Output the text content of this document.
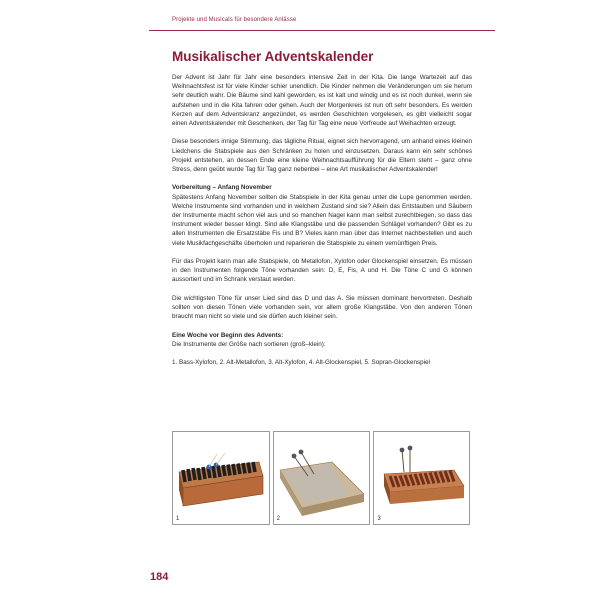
Projekte und Musicals für besondere Anlässe
Musikalischer Adventskalender

Der Advent ist Jahr für Jahr eine besonders intensive Zeit in der Kita. Die lange Wartezeit auf das Weihnachtsfest ist für viele Kinder schier unendlich. Die Kinder nehmen die Veränderungen um sie herum sehr deutlich wahr. Die Bäume sind kahl geworden, es ist kalt und windig und es ist noch dunkel, wenn sie aufstehen und in die Kita fahren oder gehen. Auch der Morgenkreis ist nun oft sehr besonders. Es werden Kerzen auf dem Adventskranz angezündet, es werden Geschichten vorgelesen, es gibt vielleicht sogar einen Adventskalender mit Geschenken, der Tag für Tag eine neue Vorfreude auf Weihachten erzeugt.

Diese besonders innige Stimmung, das tägliche Ritual, eignet sich hervorragend, um anhand eines kleinen Liedchens die Stabspiele aus den Schränken zu holen und einzusetzen. Daraus kann ein sehr schönes Projekt entstehen, an dessen Ende eine kleine Weihnachtsaufführung für die Eltern steht – ganz ohne Stress, denn geübt wurde Tag für Tag ganz nebenbei – eine Art musikalischer Adventskalender!

Vorbereitung – Anfang November

Spätestens Anfang November sollten die Stabspiele in der Kita genau unter die Lupe genommen werden. Welche Instrumente sind vorhanden und in welchem Zustand sind sie? Allein das Entstauben und Säubern der Instrumente macht schon viel aus und so manchen Nagel kann man selbst zurechtbiegen, so dass das Instrument wieder besser klingt. Sind alle Klangstäbe und die passenden Schlägel vorhanden? Gibt es zu allen Instrumenten die Ersatzstäbe Fis und B? Vieles kann man über das Internet nachbestellen und auch viele Musikfachgeschäfte überholen und reparieren die Stabspiele zu einem vernünftigen Preis.

Für das Projekt kann man alle Stabspiele, ob Metallofon, Xylofon oder Glockenspiel einsetzen. Es müssen in den Instrumenten folgende Töne vorhanden sein: D, E, Fis, A und H. Die Töne C und G können aussortiert und im Schrank verstaut werden.

Die wichtigsten Töne für unser Lied sind das D und das A. Sie müssen dominant hervortreten. Deshalb sollten von diesen Tönen viele vorhanden sein, vor allem große Klangstäbe. Von den anderen Tönen braucht man nicht so viele und sie dürfen auch kleiner sein.

Eine Woche vor Beginn des Advents:

Die Instrumente der Größe nach sortieren (groß–klein):

1. Bass-Xylofon, 2. Alt-Metallofon, 3. Alt-Xylofon, 4. Alt-Glockenspiel, 5. Sopran-Glockenspiel

1	2	3
184
